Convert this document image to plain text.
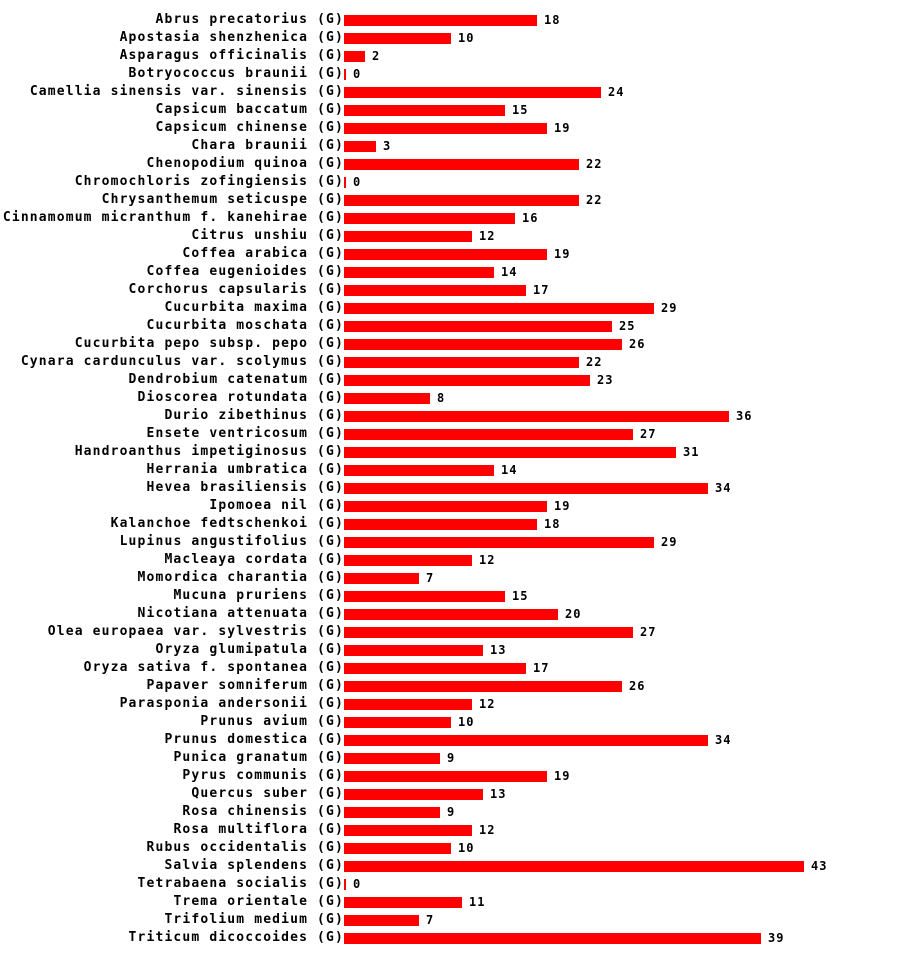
Abrus precatorius (G)	18
Apostasia shenzhenica (G)	10
Asparagus officinalis (G) 2
Botryococcus braunii (G) 0
Camellia sinensis var. sinensis (G)	24
Capsicum baccatum (G)	15
Capsicum chinense (G)	19
Chara braunii (G)	3
Chenopodium quinoa (G)	22
Chromochloris zofingiensis (G) 0
Chrysanthemum seticuspe (G)	22
Cinnamomum micranthum f. kanehirae (G)	16
Citrus unshiu (G)	12
Coffea arabica (G)	19
Coffea eugenioides (G)	14
Corchorus capsularis (G)	17
Cucurbita maxima (G)	29
Cucurbita moschata (G)	25
Cucurbita pepo subsp. pepo (G)	26
Cynara cardunculus var. scolymus (G)	22
Dendrobium catenatum (G)	23
Dioscorea rotundata (G)	8
Durio zibethinus (G)	36
Ensete ventricosum (G)	27
Handroanthus impetiginosus (G)	31
Herrania umbratica (G)	14
Hevea brasiliensis (G)	34
Ipomoea nil (G)	19
Kalanchoe fedtschenkoi (G)	18
Lupinus angustifolius (G)	29
Macleaya cordata (G)	12
Momordica charantia (G)	7
Mucuna pruriens (G)	15
Nicotiana attenuata (G)	20
Olea europaea var. sylvestris (G)	27
Oryza glumipatula (G)	13
Oryza sativa f. spontanea (G)	17
Papaver somniferum (G)	26
Parasponia andersonii (G)	12
Prunus avium (G)	10
Prunus domestica (G)	34
Punica granatum (G)	9
Pyrus communis (G)	19
Quercus suber (G)	13
Rosa chinensis (G)	9
Rosa multiflora (G)	12
Rubus occidentalis (G)	10
Salvia splendens (G)	43
Tetrabaena socialis (G) 0
Trema orientale (G)	11
Trifolium medium (G)	7
Triticum dicoccoides (G)	39
